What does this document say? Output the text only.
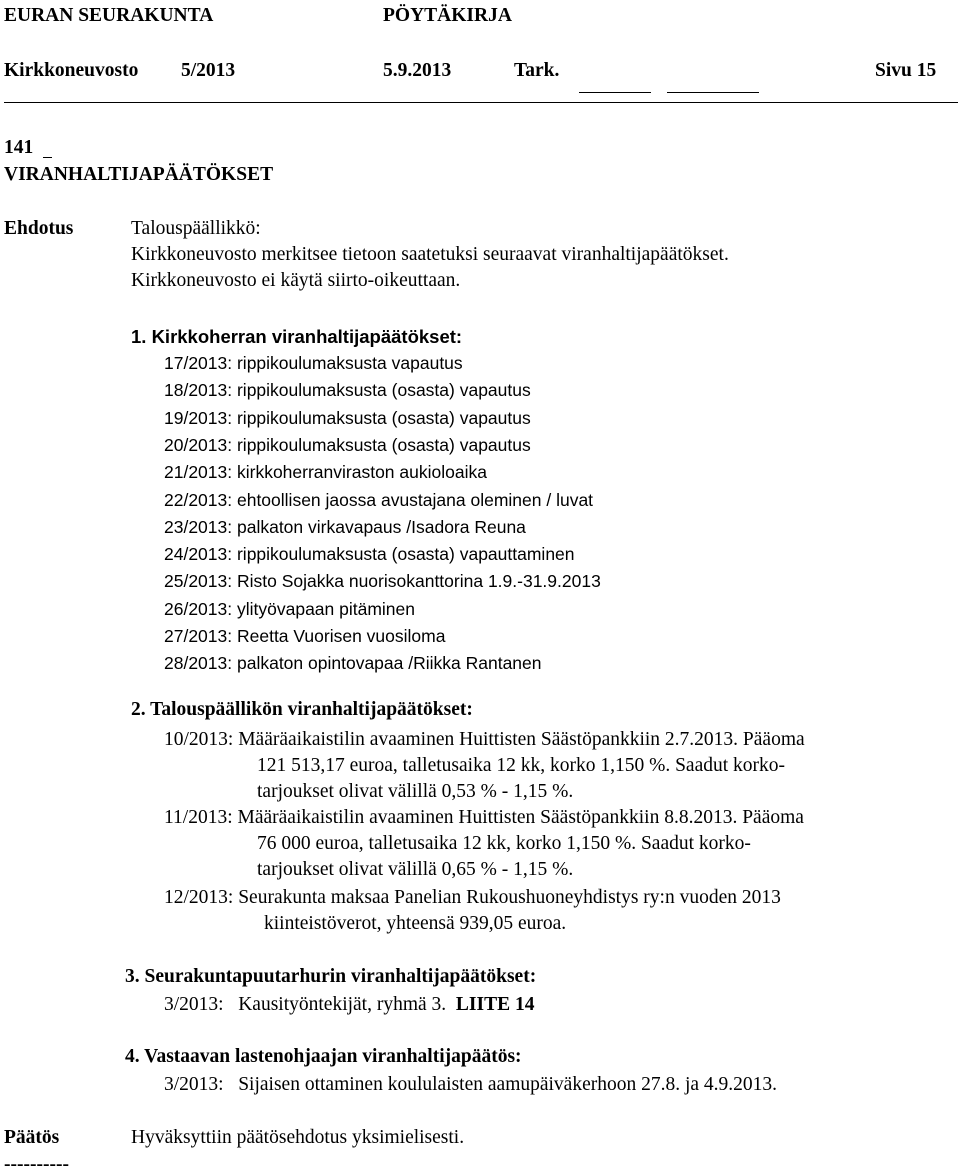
EURAN SEURAKUNTA	PÖYTÄKIRJA
Kirkkoneuvosto 5/2013	5.9.2013	Tark.	Sivu 15
141
VIRANHALTIJAPÄÄTÖKSET
Ehdotus	Talouspäällikkö:
Kirkkoneuvosto merkitsee tietoon saatetuksi seuraavat viranhaltijapäätökset.
Kirkkoneuvosto ei käytä siirto-oikeuttaan.
1. Kirkkoherran viranhaltijapäätökset:
17/2013: rippikoulumaksusta vapautus
18/2013: rippikoulumaksusta (osasta) vapautus
19/2013: rippikoulumaksusta (osasta) vapautus
20/2013: rippikoulumaksusta (osasta) vapautus
21/2013: kirkkoherranviraston aukioloaika
22/2013: ehtoollisen jaossa avustajana oleminen / luvat
23/2013: palkaton virkavapaus /Isadora Reuna
24/2013: rippikoulumaksusta (osasta) vapauttaminen
25/2013: Risto Sojakka nuorisokanttorina 1.9.-31.9.2013
26/2013: ylityövapaan pitäminen
27/2013: Reetta Vuorisen vuosiloma
28/2013: palkaton opintovapaa /Riikka Rantanen
2. Talouspäällikön viranhaltijapäätökset:
10/2013: Määräaikaistilin avaaminen Huittisten Säästöpankkiin 2.7.2013. Pääoma
121 513,17 euroa, talletusaika 12 kk, korko 1,150 %. Saadut korko-
tarjoukset olivat välillä 0,53 % - 1,15 %.
11/2013: Määräaikaistilin avaaminen Huittisten Säästöpankkiin 8.8.2013. Pääoma
76 000 euroa, talletusaika 12 kk, korko 1,150 %. Saadut korko-
tarjoukset olivat välillä 0,65 % - 1,15 %.
12/2013: Seurakunta maksaa Panelian Rukoushuoneyhdistys ry:n vuoden 2013
kiinteistöverot, yhteensä 939,05 euroa.
3. Seurakuntapuutarhurin viranhaltijapäätökset:
3/2013:   Kausityöntekijät, ryhmä 3. LIITE 14
4. Vastaavan lastenohjaajan viranhaltijapäätös:
3/2013:   Sijaisen ottaminen koululaisten aamupäiväkerhoon 27.8. ja 4.9.2013.
Päätös	Hyväksyttiin päätösehdotus yksimielisesti.
----------
